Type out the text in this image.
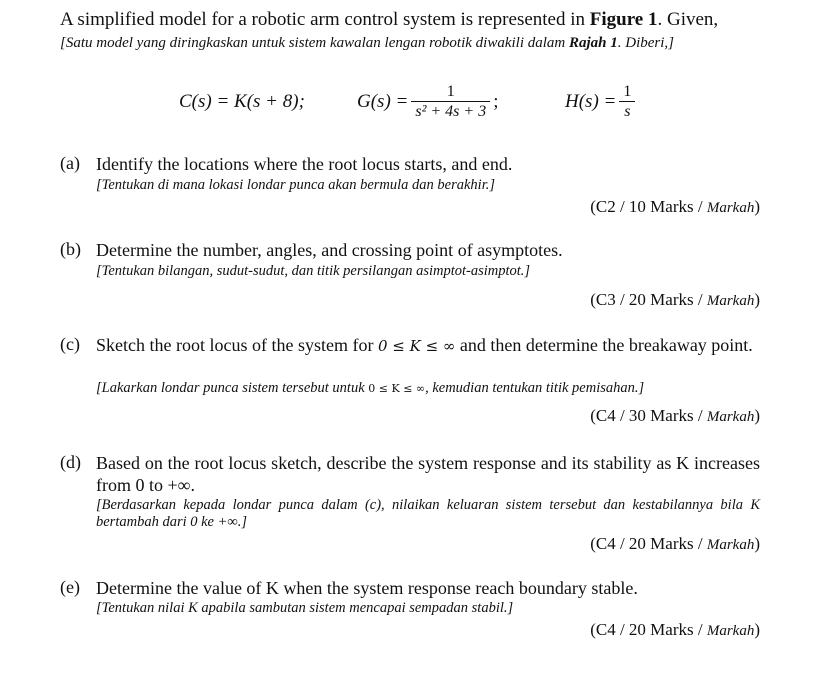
A simplified model for a robotic arm control system is represented in Figure 1. Given,
[Satu model yang diringkaskan untuk sistem kawalan lengan robotik diwakili dalam Rajah 1. Diberi,]
C(s) = K(s + 8);	$G(s) = \frac{1}{\text{s² + 4s + 3}}$ ;	$H(s) = \frac{1}{s}$
(a) Identify the locations where the root locus starts, and end.
[Tentukan di mana lokasi londar punca akan bermula dan berakhir.]
(C2 / 10 Marks / Markah)
(b) Determine the number, angles, and crossing point of asymptotes.
[Tentukan bilangan, sudut-sudut, dan titik persilangan asimptot-asimptot.]
(C3 / 20 Marks / Markah)
(c) Sketch the root locus of the system for 0 ≤ K ≤ ∞ and then determine the breakaway point.
[Lakarkan londar punca sistem tersebut untuk 0 ≤ K ≤ ∞, kemudian tentukan titik pemisahan.]
(C4 / 30 Marks / Markah)
(d) Based on the root locus sketch, describe the system response and its stability as K increases from 0 to +∞.
[Berdasarkan kepada londar punca dalam (c), nilaikan keluaran sistem tersebut dan kestabilannya bila K bertambah dari 0 ke +∞.]
(C4 / 20 Marks / Markah)
(e) Determine the value of K when the system response reach boundary stable.
[Tentukan nilai K apabila sambutan sistem mencapai sempadan stabil.]
(C4 / 20 Marks / Markah)
